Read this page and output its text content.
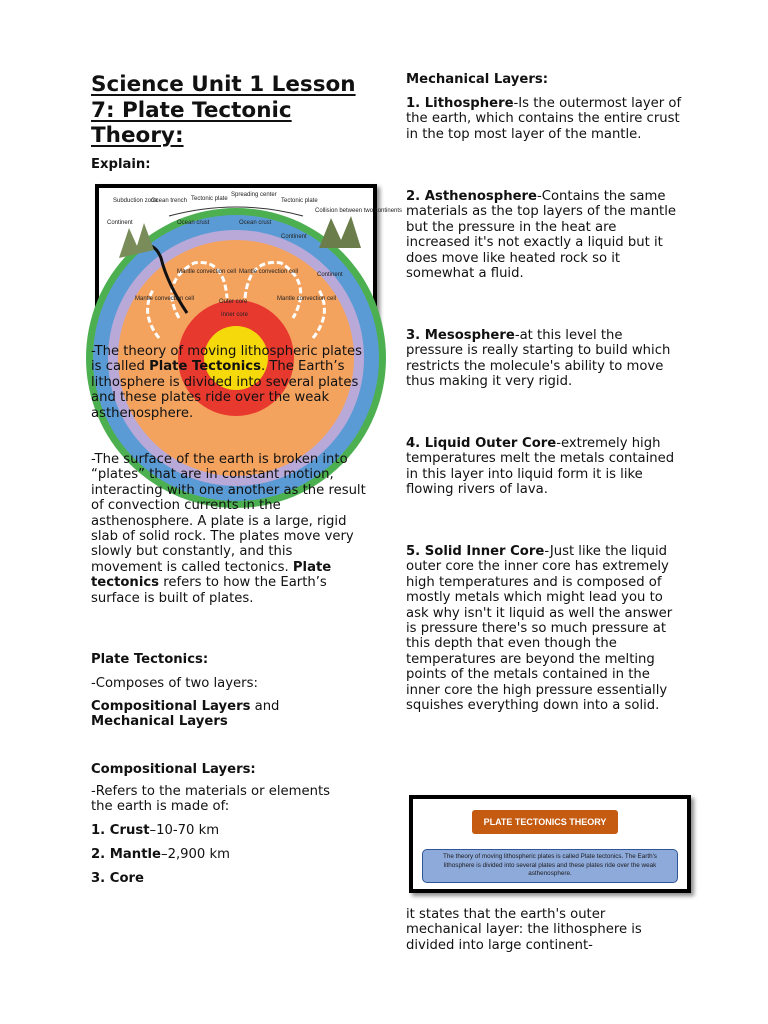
Science Unit 1 Lesson 7: Plate Tectonic Theory:
Explain:
Subduction zone
Ocean trench Tectonic plate
Spreading center
Tectonic plate
Collision between two continents
Continent	Ocean crust	Ocean crust
Continent
Continent
Mantle convection cell Mantle convection cell
Mantle convection cell	Mantle convection cell
Outer core
Inner core

-The theory of moving lithospheric plates is called Plate Tectonics. The Earth’s lithosphere is divided into several plates and these plates ride over the weak asthenosphere.

-The surface of the earth is broken into “plates” that are in constant motion, interacting with one another as the result of convection currents in the asthenosphere. A plate is a large, rigid slab of solid rock. The plates move very slowly but constantly, and this movement is called tectonics. Plate tectonics refers to how the Earth’s surface is built of plates.

Plate Tectonics:
-Composes of two layers:

Compositional Layers and
Mechanical Layers

Compositional Layers:

-Refers to the materials or elements the earth is made of:

1. Crust–10-70 km
2. Mantle–2,900 km
3. Core
Mechanical Layers:

1. Lithosphere-Is the outermost layer of the earth, which contains the entire crust in the top most layer of the mantle.

2. Asthenosphere-Contains the same materials as the top layers of the mantle but the pressure in the heat are increased it's not exactly a liquid but it does move like heated rock so it somewhat a fluid.

3. Mesosphere-at this level the pressure is really starting to build which restricts the molecule's ability to move thus making it very rigid.

4. Liquid Outer Core-extremely high temperatures melt the metals contained in this layer into liquid form it is like flowing rivers of lava.

5. Solid Inner Core-Just like the liquid outer core the inner core has extremely high temperatures and is composed of mostly metals which might lead you to ask why isn't it liquid as well the answer is pressure there's so much pressure at this depth that even though the temperatures are beyond the melting points of the metals contained in the inner core the high pressure essentially squishes everything down into a solid.

PLATE TECTONICS THEORY
The theory of moving lithospheric plates is called Plate tectonics. The Earth's lithosphere is divided into several plates and these plates ride over the weak asthenosphere.

it states that the earth's outer mechanical layer: the lithosphere is divided into large continent-
